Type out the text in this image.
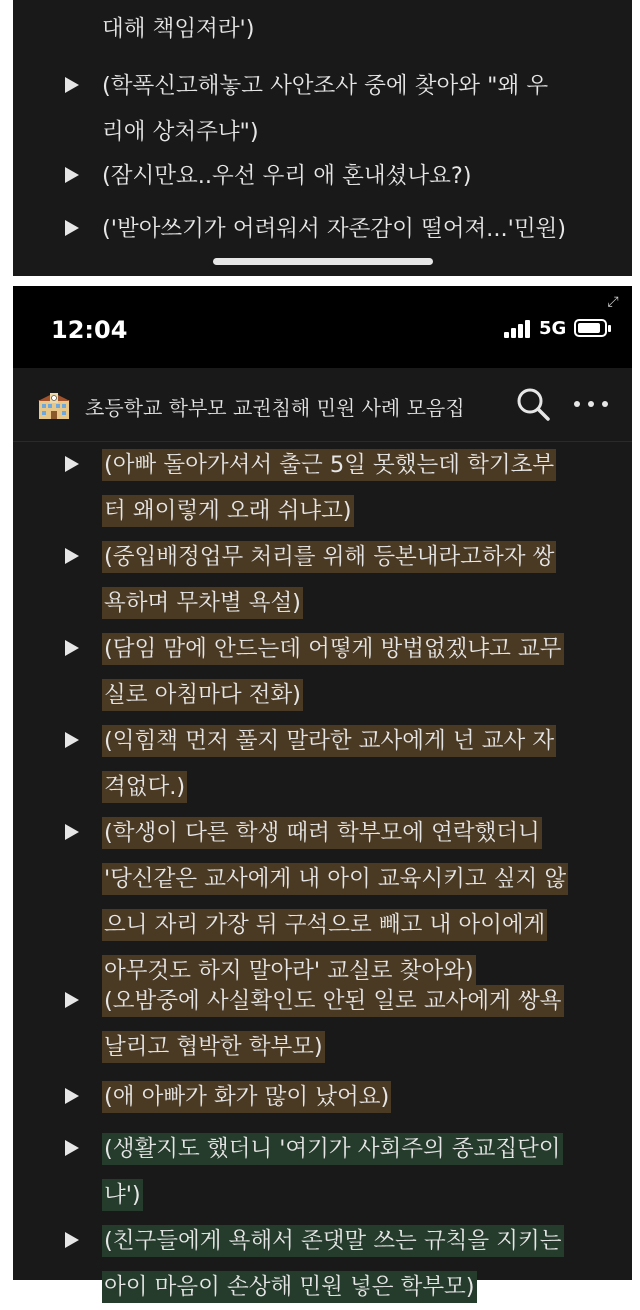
대해 책임져라')
(학폭신고해놓고 사안조사 중에 찾아와 "왜 우
리애 상처주냐")
(잠시만요..우선 우리 애 혼내셨나요?)
('받아쓰기가 어려워서 자존감이 떨어져...'민원)
12:04	5G
⤢
초등학교 학부모 교권침해 민원 사례 모음집
(아빠 돌아가셔서 출근 5일 못했는데 학기초부
터 왜이렇게 오래 쉬냐고)
(중입배정업무 처리를 위해 등본내라고하자 쌍
욕하며 무차별 욕설)
(담임 맘에 안드는데 어떻게 방법없겠냐고 교무
실로 아침마다 전화)
(익힘책 먼저 풀지 말라한 교사에게 넌 교사 자
격없다.)
(학생이 다른 학생 때려 학부모에 연락했더니
'당신같은 교사에게 내 아이 교육시키고 싶지 않
으니 자리 가장 뒤 구석으로 빼고 내 아이에게
아무것도 하지 말아라' 교실로 찾아와)
(오밤중에 사실확인도 안된 일로 교사에게 쌍욕
날리고 협박한 학부모)
(애 아빠가 화가 많이 났어요)
(생활지도 했더니 '여기가 사회주의 종교집단이
냐')
(친구들에게 욕해서 존댓말 쓰는 규칙을 지키는
아이 마음이 손상해 민원 넣은 학부모)
